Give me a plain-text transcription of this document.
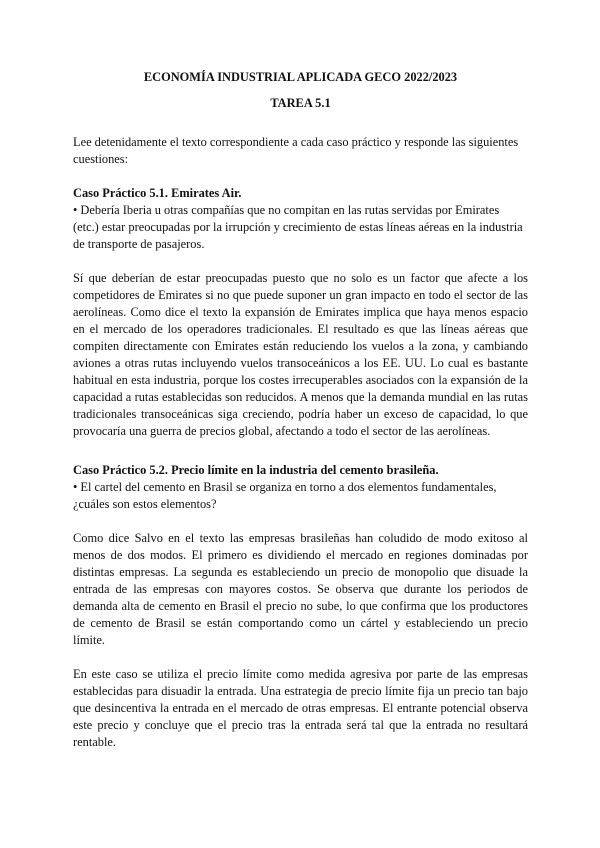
ECONOMÍA INDUSTRIAL APLICADA GECO 2022/2023

TAREA 5.1

Lee detenidamente el texto correspondiente a cada caso práctico y responde las siguientes cuestiones:

Caso Práctico 5.1. Emirates Air.

• Debería Iberia u otras compañías que no compitan en las rutas servidas por Emirates (etc.) estar preocupadas por la irrupción y crecimiento de estas líneas aéreas en la industria de transporte de pasajeros.

Sí que deberían de estar preocupadas puesto que no solo es un factor que afecte a los competidores de Emirates si no que puede suponer un gran impacto en todo el sector de las aerolíneas. Como dice el texto la expansión de Emirates implica que haya menos espacio en el mercado de los operadores tradicionales. El resultado es que las líneas aéreas que compiten directamente con Emirates están reduciendo los vuelos a la zona, y cambiando aviones a otras rutas incluyendo vuelos transoceánicos a los EE. UU. Lo cual es bastante habitual en esta industria, porque los costes irrecuperables asociados con la expansión de la capacidad a rutas establecidas son reducidos. A menos que la demanda mundial en las rutas tradicionales transoceánicas siga creciendo, podría haber un exceso de capacidad, lo que provocaría una guerra de precios global, afectando a todo el sector de las aerolíneas.

Caso Práctico 5.2. Precio límite en la industria del cemento brasileña.

• El cartel del cemento en Brasil se organiza en torno a dos elementos fundamentales, ¿cuáles son estos elementos?

Como dice Salvo en el texto las empresas brasileñas han coludido de modo exitoso al menos de dos modos. El primero es dividiendo el mercado en regiones dominadas por distintas empresas. La segunda es estableciendo un precio de monopolio que disuade la entrada de las empresas con mayores costos. Se observa que durante los periodos de demanda alta de cemento en Brasil el precio no sube, lo que confirma que los productores de cemento de Brasil se están comportando como un cártel y estableciendo un precio límite.

En este caso se utiliza el precio límite como medida agresiva por parte de las empresas establecidas para disuadir la entrada. Una estrategia de precio límite fija un precio tan bajo que desincentiva la entrada en el mercado de otras empresas. El entrante potencial observa este precio y concluye que el precio tras la entrada será tal que la entrada no resultará rentable.
